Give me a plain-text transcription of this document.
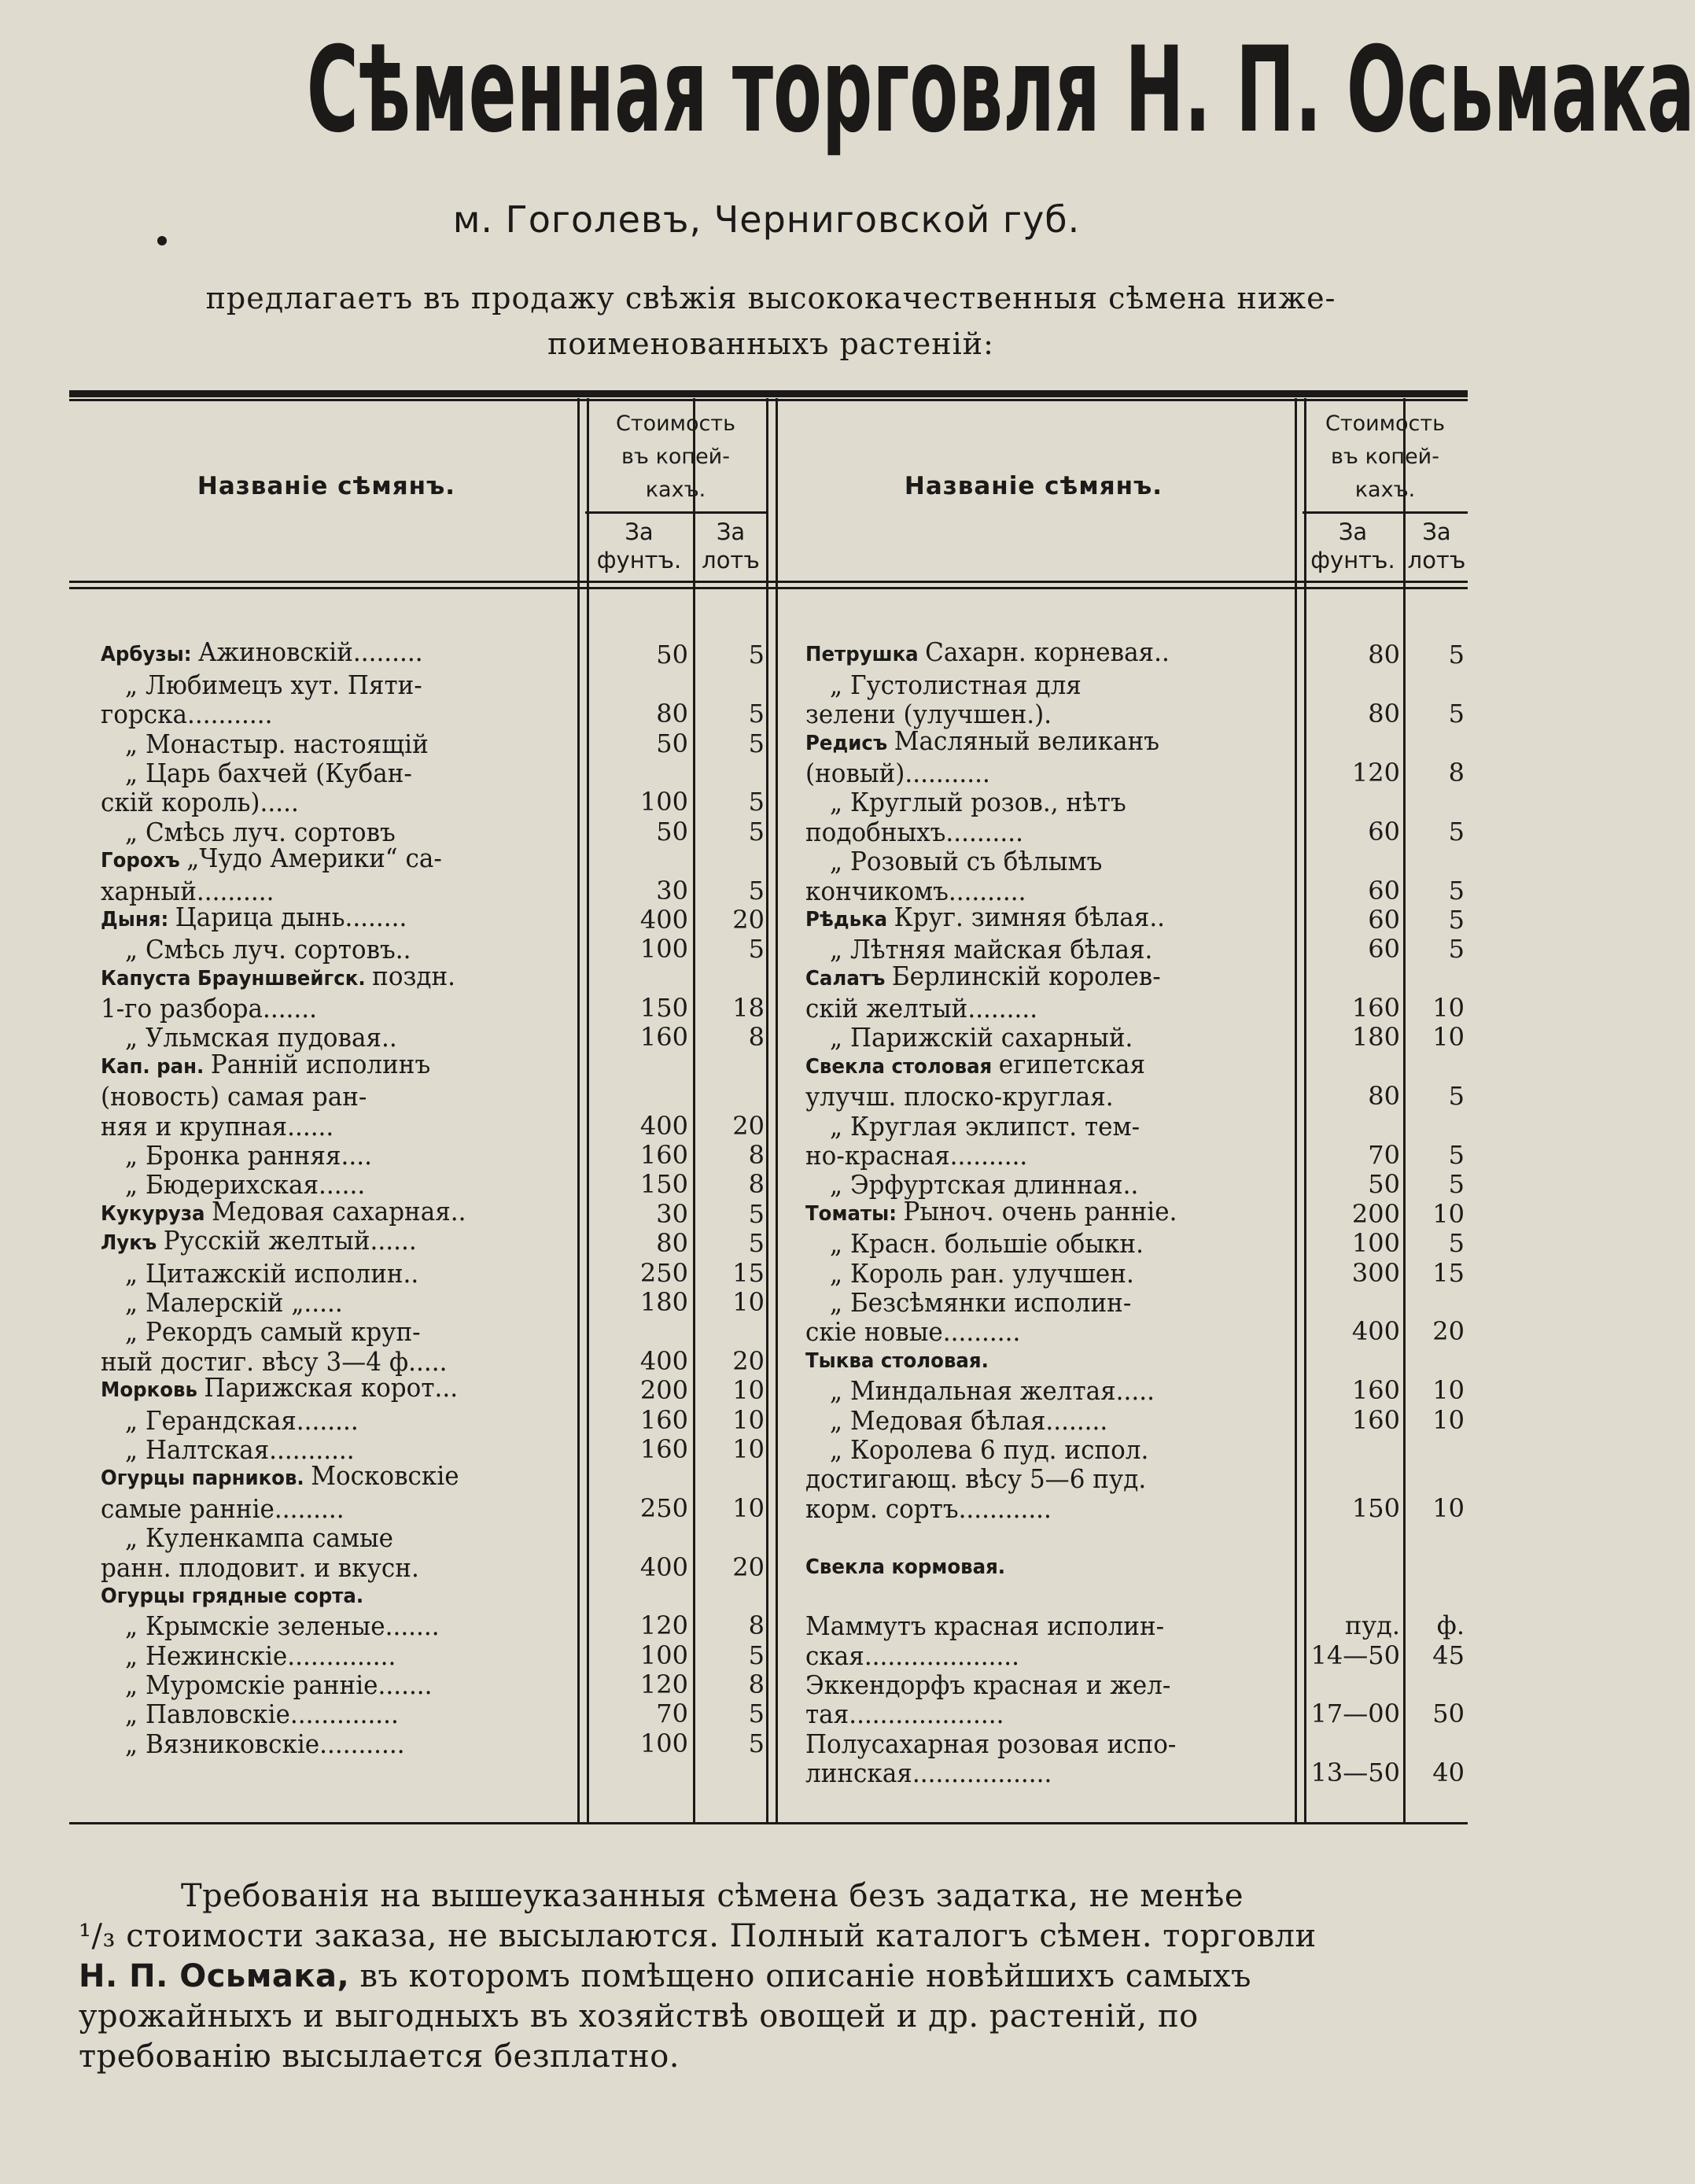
Сѣменная торговля Н. П. Осьмака
м. Гоголевъ, Черниговской губ.
предлагаетъ въ продажу свѣжія высококачественныя сѣмена ниже-
поименованныхъ растеній:
Названіе сѣмянъ.
Стоимость
въ копей-
кахъ.
За
фунтъ.
За
лотъ
Названіе сѣмянъ.
Стоимость
въ копей-
кахъ.
За
фунтъ.
За
лотъ
Арбузы: Ажиновскій.........	50	5
 „ Любимецъ хут. Пяти-
горска...........	80	5
 „ Монастыр. настоящій	50	5
 „ Царь бахчей (Кубан-
скій король).....	100	5
 „ Смѣсь луч. сортовъ	50	5
Горохъ „Чудо Америки“ са-
харный..........	30	5
Дыня: Царица дынь........	400	20
 „ Смѣсь луч. сортовъ..	100	5
Капуста Брауншвейгск. поздн.
1-го разбора.......	150	18
 „ Ульмская пудовая..	160	8
Кап. ран. Ранній исполинъ
(новость) самая ран-
няя и крупная......	400	20
 „ Бронка ранняя....	160	8
 „ Бюдерихская......	150	8
Кукуруза Медовая сахарная..	30	5
Лукъ Русскій желтый......	80	5
 „ Цитажскій исполин..	250	15
 „ Малерскій „.....	180	10
 „ Рекордъ самый круп-
ный достиг. вѣсу 3—4 ф.....	400	20
Морковь Парижская корот...	200	10
 „ Герандская........	160	10
 „ Налтская...........	160	10
Огурцы парников. Московскіе
самые ранніе.........	250	10
 „ Куленкампа самые
ранн. плодовит. и вкусн.	400	20
Огурцы грядные сорта.
 „ Крымскіе зеленые.......	120	8
 „ Нежинскіе..............	100	5
 „ Муромскіе ранніе.......	120	8
 „ Павловскіе..............	70	5
 „ Вязниковскіе...........	100	5
Петрушка Сахарн. корневая..	80	5
 „ Густолистная для
зелени (улучшен.).	80	5
Редисъ Масляный великанъ
(новый)...........	120	8
 „ Круглый розов., нѣтъ
подобныхъ..........	60	5
 „ Розовый съ бѣлымъ
кончикомъ..........	60	5
Рѣдька Круг. зимняя бѣлая..	60	5
 „ Лѣтняя майская бѣлая.	60	5
Салатъ Берлинскій королев-
скій желтый.........	160	10
 „ Парижскій сахарный.	180	10
Свекла столовая египетская
улучш. плоско-круглая.	80	5
 „ Круглая эклипст. тем-
но-красная..........	70	5
 „ Эрфуртская длинная..	50	5
Томаты: Рыноч. очень ранніе.	200	10
 „ Красн. большіе обыкн.	100	5
 „ Король ран. улучшен.	300	15
 „ Безсѣмянки исполин-
скіе новые..........	400	20
Тыква столовая.
 „ Миндальная желтая.....	160	10
 „ Медовая бѣлая........	160	10
 „ Королева 6 пуд. испол.
достигающ. вѣсу 5—6 пуд.
корм. сортъ............	150	10
Свекла кормовая.
Маммутъ красная исполин-	пуд.	ф.
ская....................	14—50	45
Эккендорфъ красная и жел-
тая....................	17—00	50
Полусахарная розовая испо-
линская..................	13—50	40
Требованія на вышеуказанныя сѣмена безъ задатка, не менѣе
¹/₃ стоимости заказа, не высылаются. Полный каталогъ сѣмен. торговли
Н. П. Осьмака, въ которомъ помѣщено описаніе новѣйшихъ самыхъ
урожайныхъ и выгодныхъ въ хозяйствѣ овощей и др. растеній, по
требованію высылается безплатно.
